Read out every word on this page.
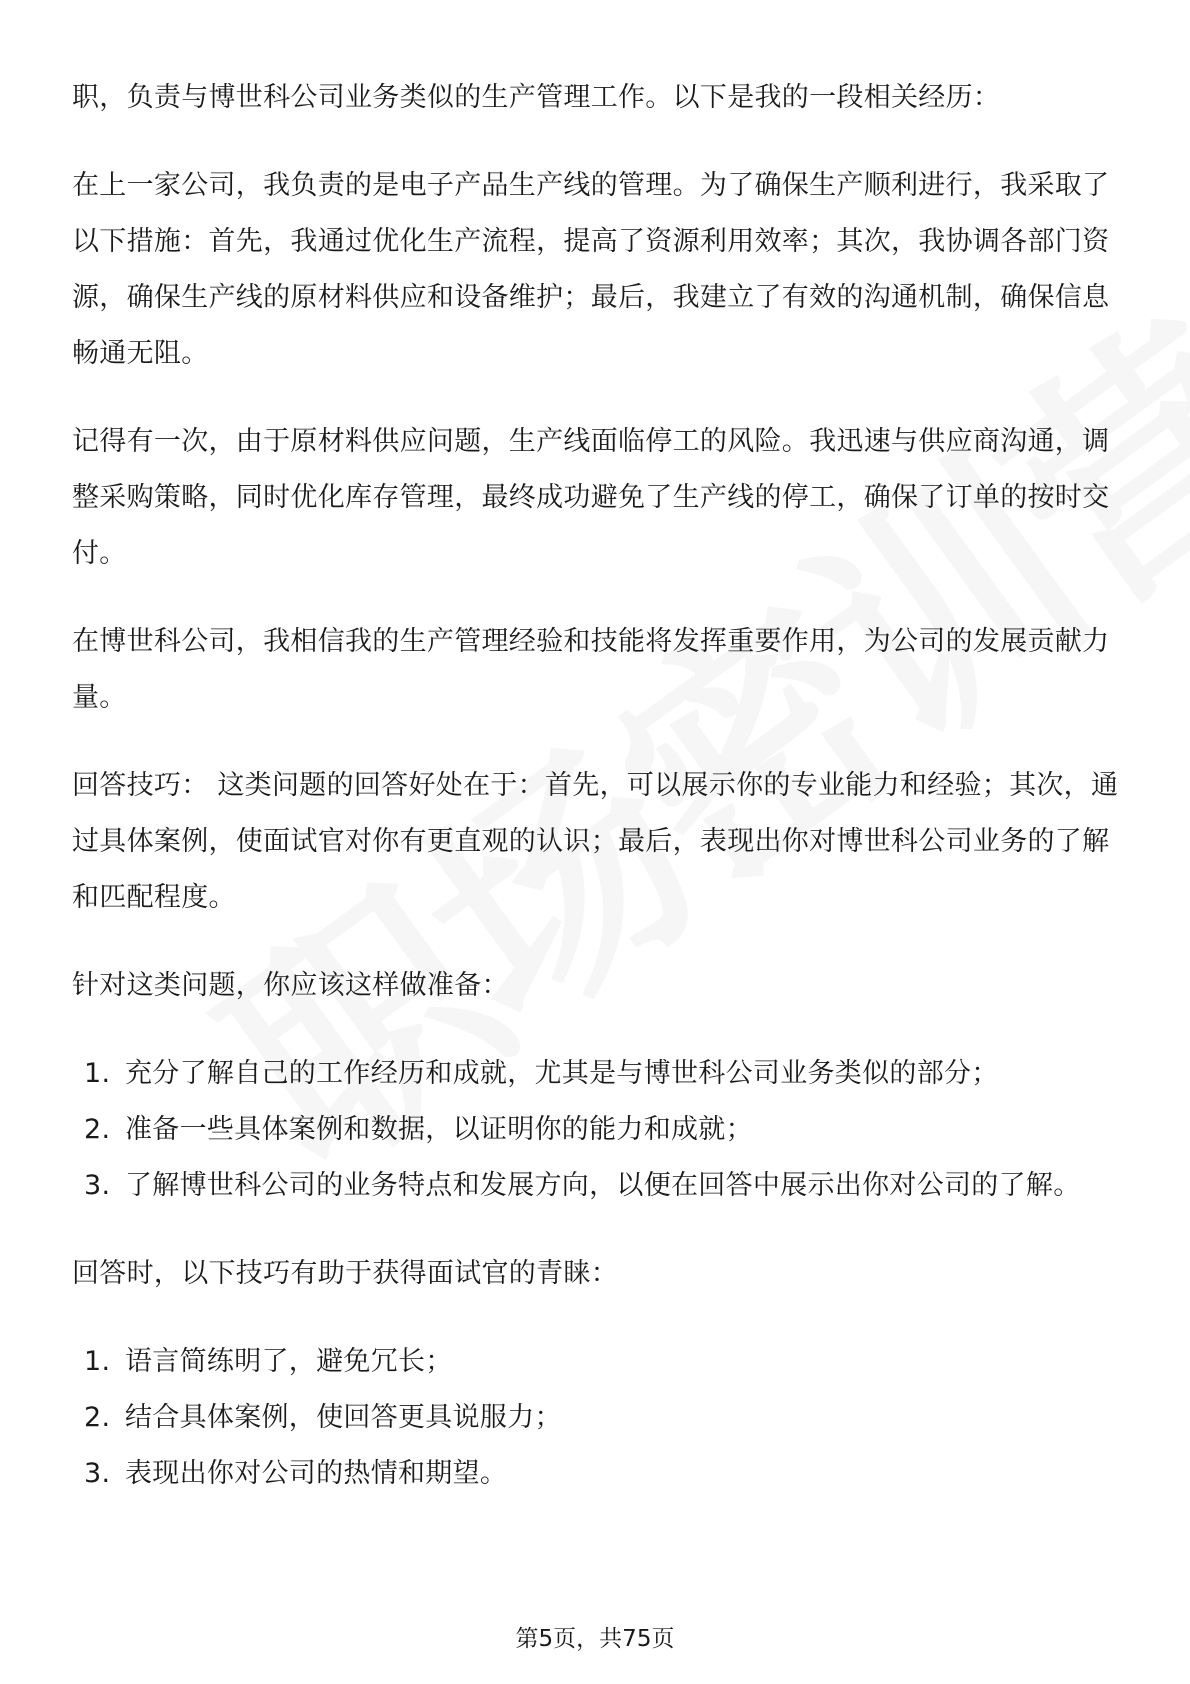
职，负责与博世科公司业务类似的生产管理工作。以下是我的一段相关经历：

在上一家公司，我负责的是电子产品生产线的管理。为了确保生产顺利进行，我采取了以下措施：首先，我通过优化生产流程，提高了资源利用效率；其次，我协调各部门资源，确保生产线的原材料供应和设备维护；最后，我建立了有效的沟通机制，确保信息畅通无阻。

记得有一次，由于原材料供应问题，生产线面临停工的风险。我迅速与供应商沟通，调整采购策略，同时优化库存管理，最终成功避免了生产线的停工，确保了订单的按时交付。

在博世科公司，我相信我的生产管理经验和技能将发挥重要作用，为公司的发展贡献力量。

回答技巧： 这类问题的回答好处在于：首先，可以展示你的专业能力和经验；其次，通过具体案例，使面试官对你有更直观的认识；最后，表现出你对博世科公司业务的了解和匹配程度。

针对这类问题，你应该这样做准备：

1. 充分了解自己的工作经历和成就，尤其是与博世科公司业务类似的部分；
2. 准备一些具体案例和数据，以证明你的能力和成就；
3. 了解博世科公司的业务特点和发展方向，以便在回答中展示出你对公司的了解。

回答时，以下技巧有助于获得面试官的青睐：

1. 语言简练明了，避免冗长；
2. 结合具体案例，使回答更具说服力；
3. 表现出你对公司的热情和期望。
第5页，共75页
